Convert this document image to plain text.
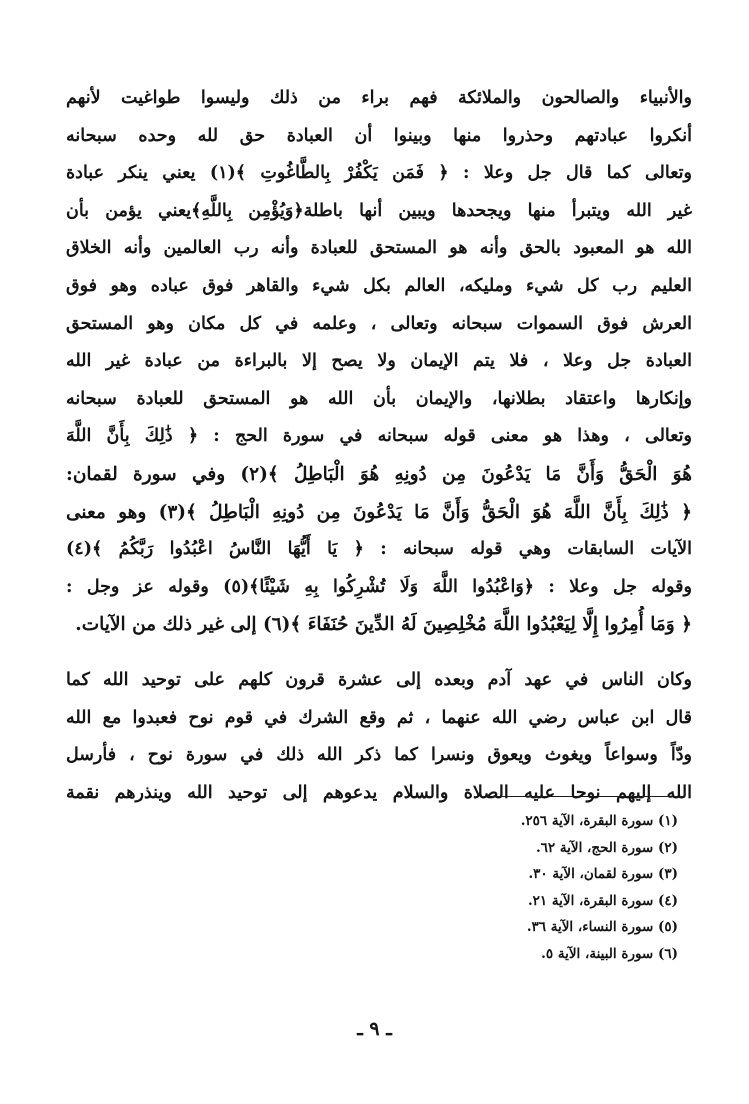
والأنبياء والصالحون والملائكة فهم براء من ذلك وليسوا طواغيت لأنهم
أنكروا عبادتهم وحذروا منها وبينوا أن العبادة حق لله وحده سبحانه
وتعالى كما قال جل وعلا : ﴿ فَمَن يَكْفُرْ بِالطَّاغُوتِ ﴾(١) يعني ينكر عبادة
غير الله ويتبرأ منها ويجحدها ويبين أنها باطلة﴿وَيُؤْمِن بِاللَّهِ﴾يعني يؤمن بأن
الله هو المعبود بالحق وأنه هو المستحق للعبادة وأنه رب العالمين وأنه الخلاق
العليم رب كل شيء ومليكه، العالم بكل شيء والقاهر فوق عباده وهو فوق
العرش فوق السموات سبحانه وتعالى ، وعلمه في كل مكان وهو المستحق
العبادة جل وعلا ، فلا يتم الإيمان ولا يصح إلا بالبراءة من عبادة غير الله
وإنكارها واعتقاد بطلانها، والإيمان بأن الله هو المستحق للعبادة سبحانه
وتعالى ، وهذا هو معنى قوله سبحانه في سورة الحج : ﴿ ذَٰلِكَ بِأَنَّ اللَّهَ
هُوَ الْحَقُّ وَأَنَّ مَا يَدْعُونَ مِن دُونِهِ هُوَ الْبَاطِلُ ﴾(٢) وفي سورة لقمان:
﴿ ذَٰلِكَ بِأَنَّ اللَّهَ هُوَ الْحَقُّ وَأَنَّ مَا يَدْعُونَ مِن دُونِهِ الْبَاطِلُ ﴾(٣) وهو معنى
الآيات السابقات وهي قوله سبحانه : ﴿ يَا أَيُّهَا النَّاسُ اعْبُدُوا رَبَّكُمُ ﴾(٤)
وقوله جل وعلا : ﴿وَاعْبُدُوا اللَّهَ وَلَا تُشْرِكُوا بِهِ شَيْئًا﴾(٥) وقوله عز وجل :
﴿ وَمَا أُمِرُوا إِلَّا لِيَعْبُدُوا اللَّهَ مُخْلِصِينَ لَهُ الدِّينَ حُنَفَاءَ ﴾(٦) إلى غير ذلك من الآيات.
وكان الناس في عهد آدم وبعده إلى عشرة قرون كلهم على توحيد الله كما
قال ابن عباس رضي الله عنهما ، ثم وقع الشرك في قوم نوح فعبدوا مع الله
ودّاً وسواعاً ويغوث ويعوق ونسرا كما ذكر الله ذلك في سورة نوح ، فأرسل
الله إليهم نوحا عليه الصلاة والسلام يدعوهم إلى توحيد الله وينذرهم نقمة
(١) سورة البقرة، الآية ٢٥٦.
(٢) سورة الحج، الآية ٦٢.
(٣) سورة لقمان، الآية ٣٠.
(٤) سورة البقرة، الآية ٢١.
(٥) سورة النساء، الآية ٣٦.
(٦) سورة البينة، الآية ٥.
ـ ٩ ـ
